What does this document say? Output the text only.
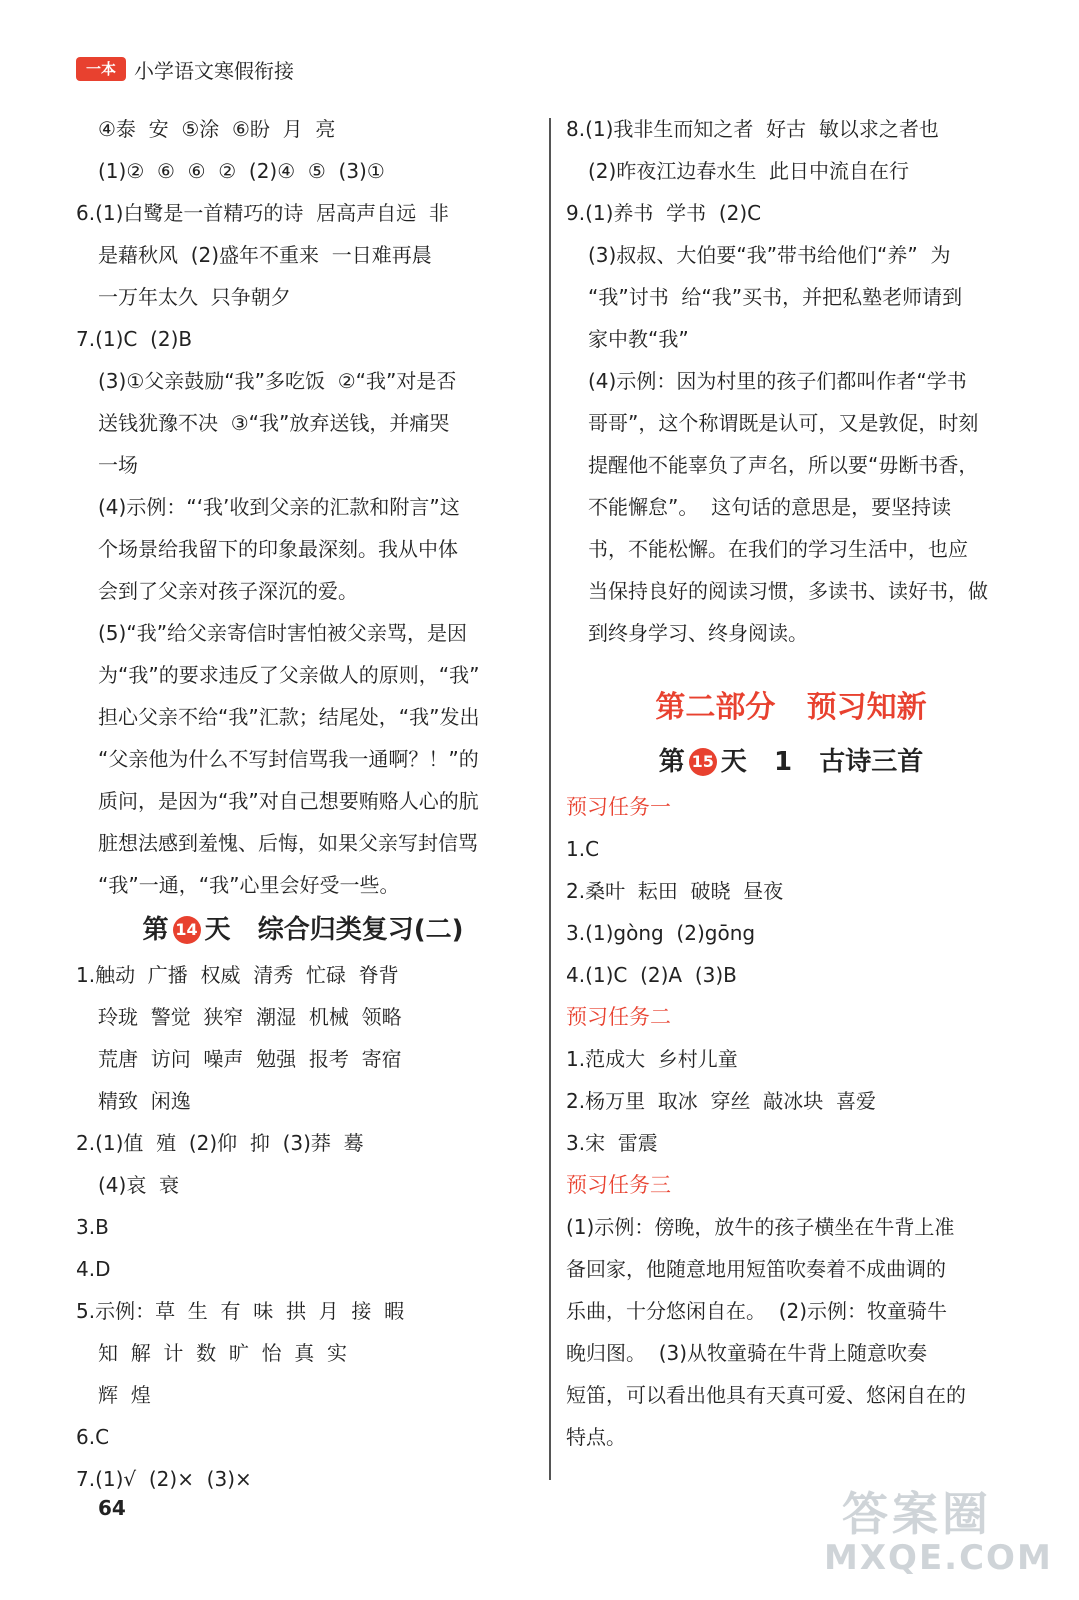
一本 小学语文寒假衔接
④泰  安  ⑤涂  ⑥盼  月  亮
(1)②  ⑥  ⑥  ②  (2)④  ⑤  (3)①
6.(1)白鹭是一首精巧的诗  居高声自远  非
是藉秋风  (2)盛年不重来  一日难再晨
一万年太久  只争朝夕
7.(1)C  (2)B
(3)①父亲鼓励“我”多吃饭  ②“我”对是否
送钱犹豫不决  ③“我”放弃送钱，并痛哭
一场
(4)示例：“‘我’收到父亲的汇款和附言”这
个场景给我留下的印象最深刻。我从中体
会到了父亲对孩子深沉的爱。
(5)“我”给父亲寄信时害怕被父亲骂，是因
为“我”的要求违反了父亲做人的原则，“我”
担心父亲不给“我”汇款；结尾处，“我”发出
“父亲他为什么不写封信骂我一通啊？！”的
质问，是因为“我”对自己想要贿赂人心的肮
脏想法感到羞愧、后悔，如果父亲写封信骂
“我”一通，“我”心里会好受一些。
第 14 天   综合归类复习(二)
1.触动  广播  权威  清秀  忙碌  脊背
玲珑  警觉  狭窄  潮湿  机械  领略
荒唐  访问  噪声  勉强  报考  寄宿
精致  闲逸
2.(1)值  殖  (2)仰  抑  (3)莽  蓦
(4)哀  衰
3.B
4.D
5.示例：草  生  有  味  拱  月  接  暇
知  解  计  数  旷  怡  真  实
辉  煌
6.C
7.(1)√  (2)×  (3)×
8.(1)我非生而知之者  好古  敏以求之者也
(2)昨夜江边春水生  此日中流自在行
9.(1)养书  学书  (2)C
(3)叔叔、大伯要“我”带书给他们“养”  为
“我”讨书  给“我”买书，并把私塾老师请到
家中教“我”
(4)示例：因为村里的孩子们都叫作者“学书
哥哥”，这个称谓既是认可，又是敦促，时刻
提醒他不能辜负了声名，所以要“毋断书香，
不能懈怠”。  这句话的意思是，要坚持读
书，不能松懈。在我们的学习生活中，也应
当保持良好的阅读习惯，多读书、读好书，做
到终身学习、终身阅读。
第二部分   预习知新
第 15 天   1   古诗三首
预习任务一
1.C
2.桑叶  耘田  破晓  昼夜
3.(1)gòng  (2)gōng
4.(1)C  (2)A  (3)B
预习任务二
1.范成大  乡村儿童
2.杨万里  取冰  穿丝  敲冰块  喜爱
3.宋  雷震
预习任务三
(1)示例：傍晚，放牛的孩子横坐在牛背上准
备回家，他随意地用短笛吹奏着不成曲调的
乐曲，十分悠闲自在。  (2)示例：牧童骑牛
晚归图。  (3)从牧童骑在牛背上随意吹奏
短笛，可以看出他具有天真可爱、悠闲自在的
特点。
64	答案圈
MXQE.COM
